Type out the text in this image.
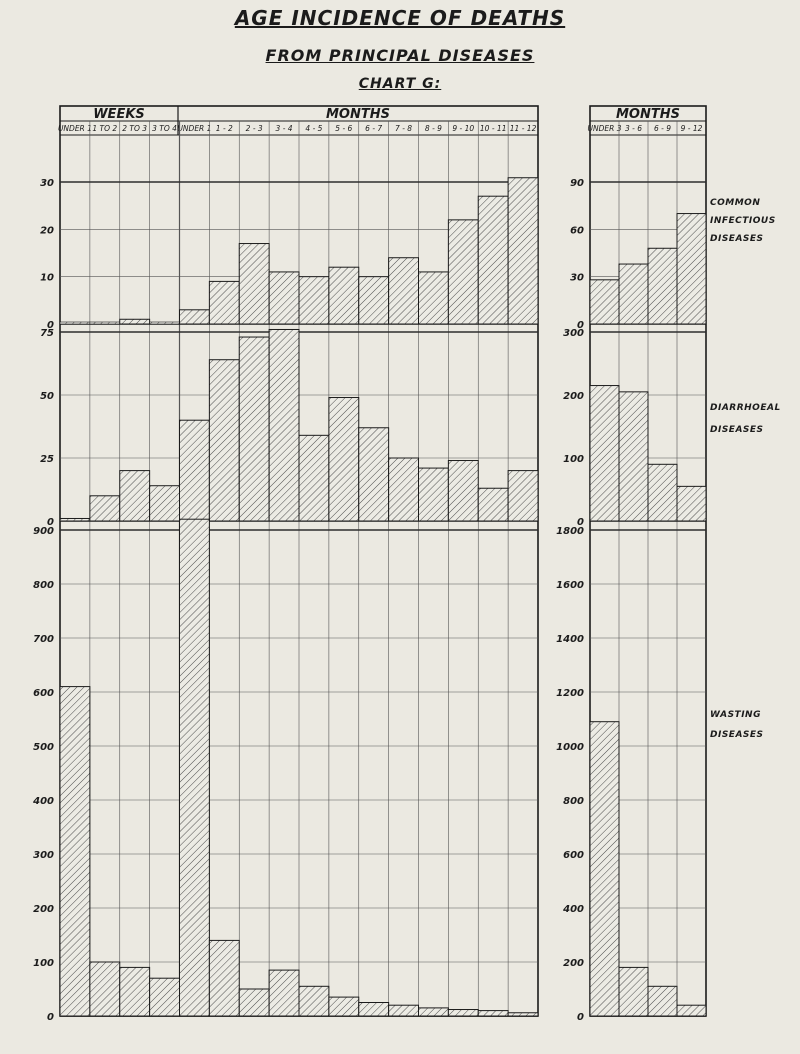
AGE INCIDENCE OF DEATHS
FROM PRINCIPAL DISEASES
CHART G:
WEEKS	MONTHS	MONTHS
UNDER 1 1 TO 2 2 TO 3 3 TO 4 UNDER 1 1 - 2 2 - 3 3 - 4 4 - 5 5 - 6 6 - 7 7 - 8 8 - 9 9 - 10 10 - 11 11 - 12	UNDER 3 3 - 6 6 - 9 9 - 12
30
20
10
0
75
50
25
0
900
800
700
600
500
400
300
200
100
0
90
60
30
0
300
200
100
0
1800
1600
1400
1200
1000
800
600
400
200
0
COMMON
INFECTIOUS
DISEASES
DIARRHOEAL
DISEASES
WASTING
DISEASES
